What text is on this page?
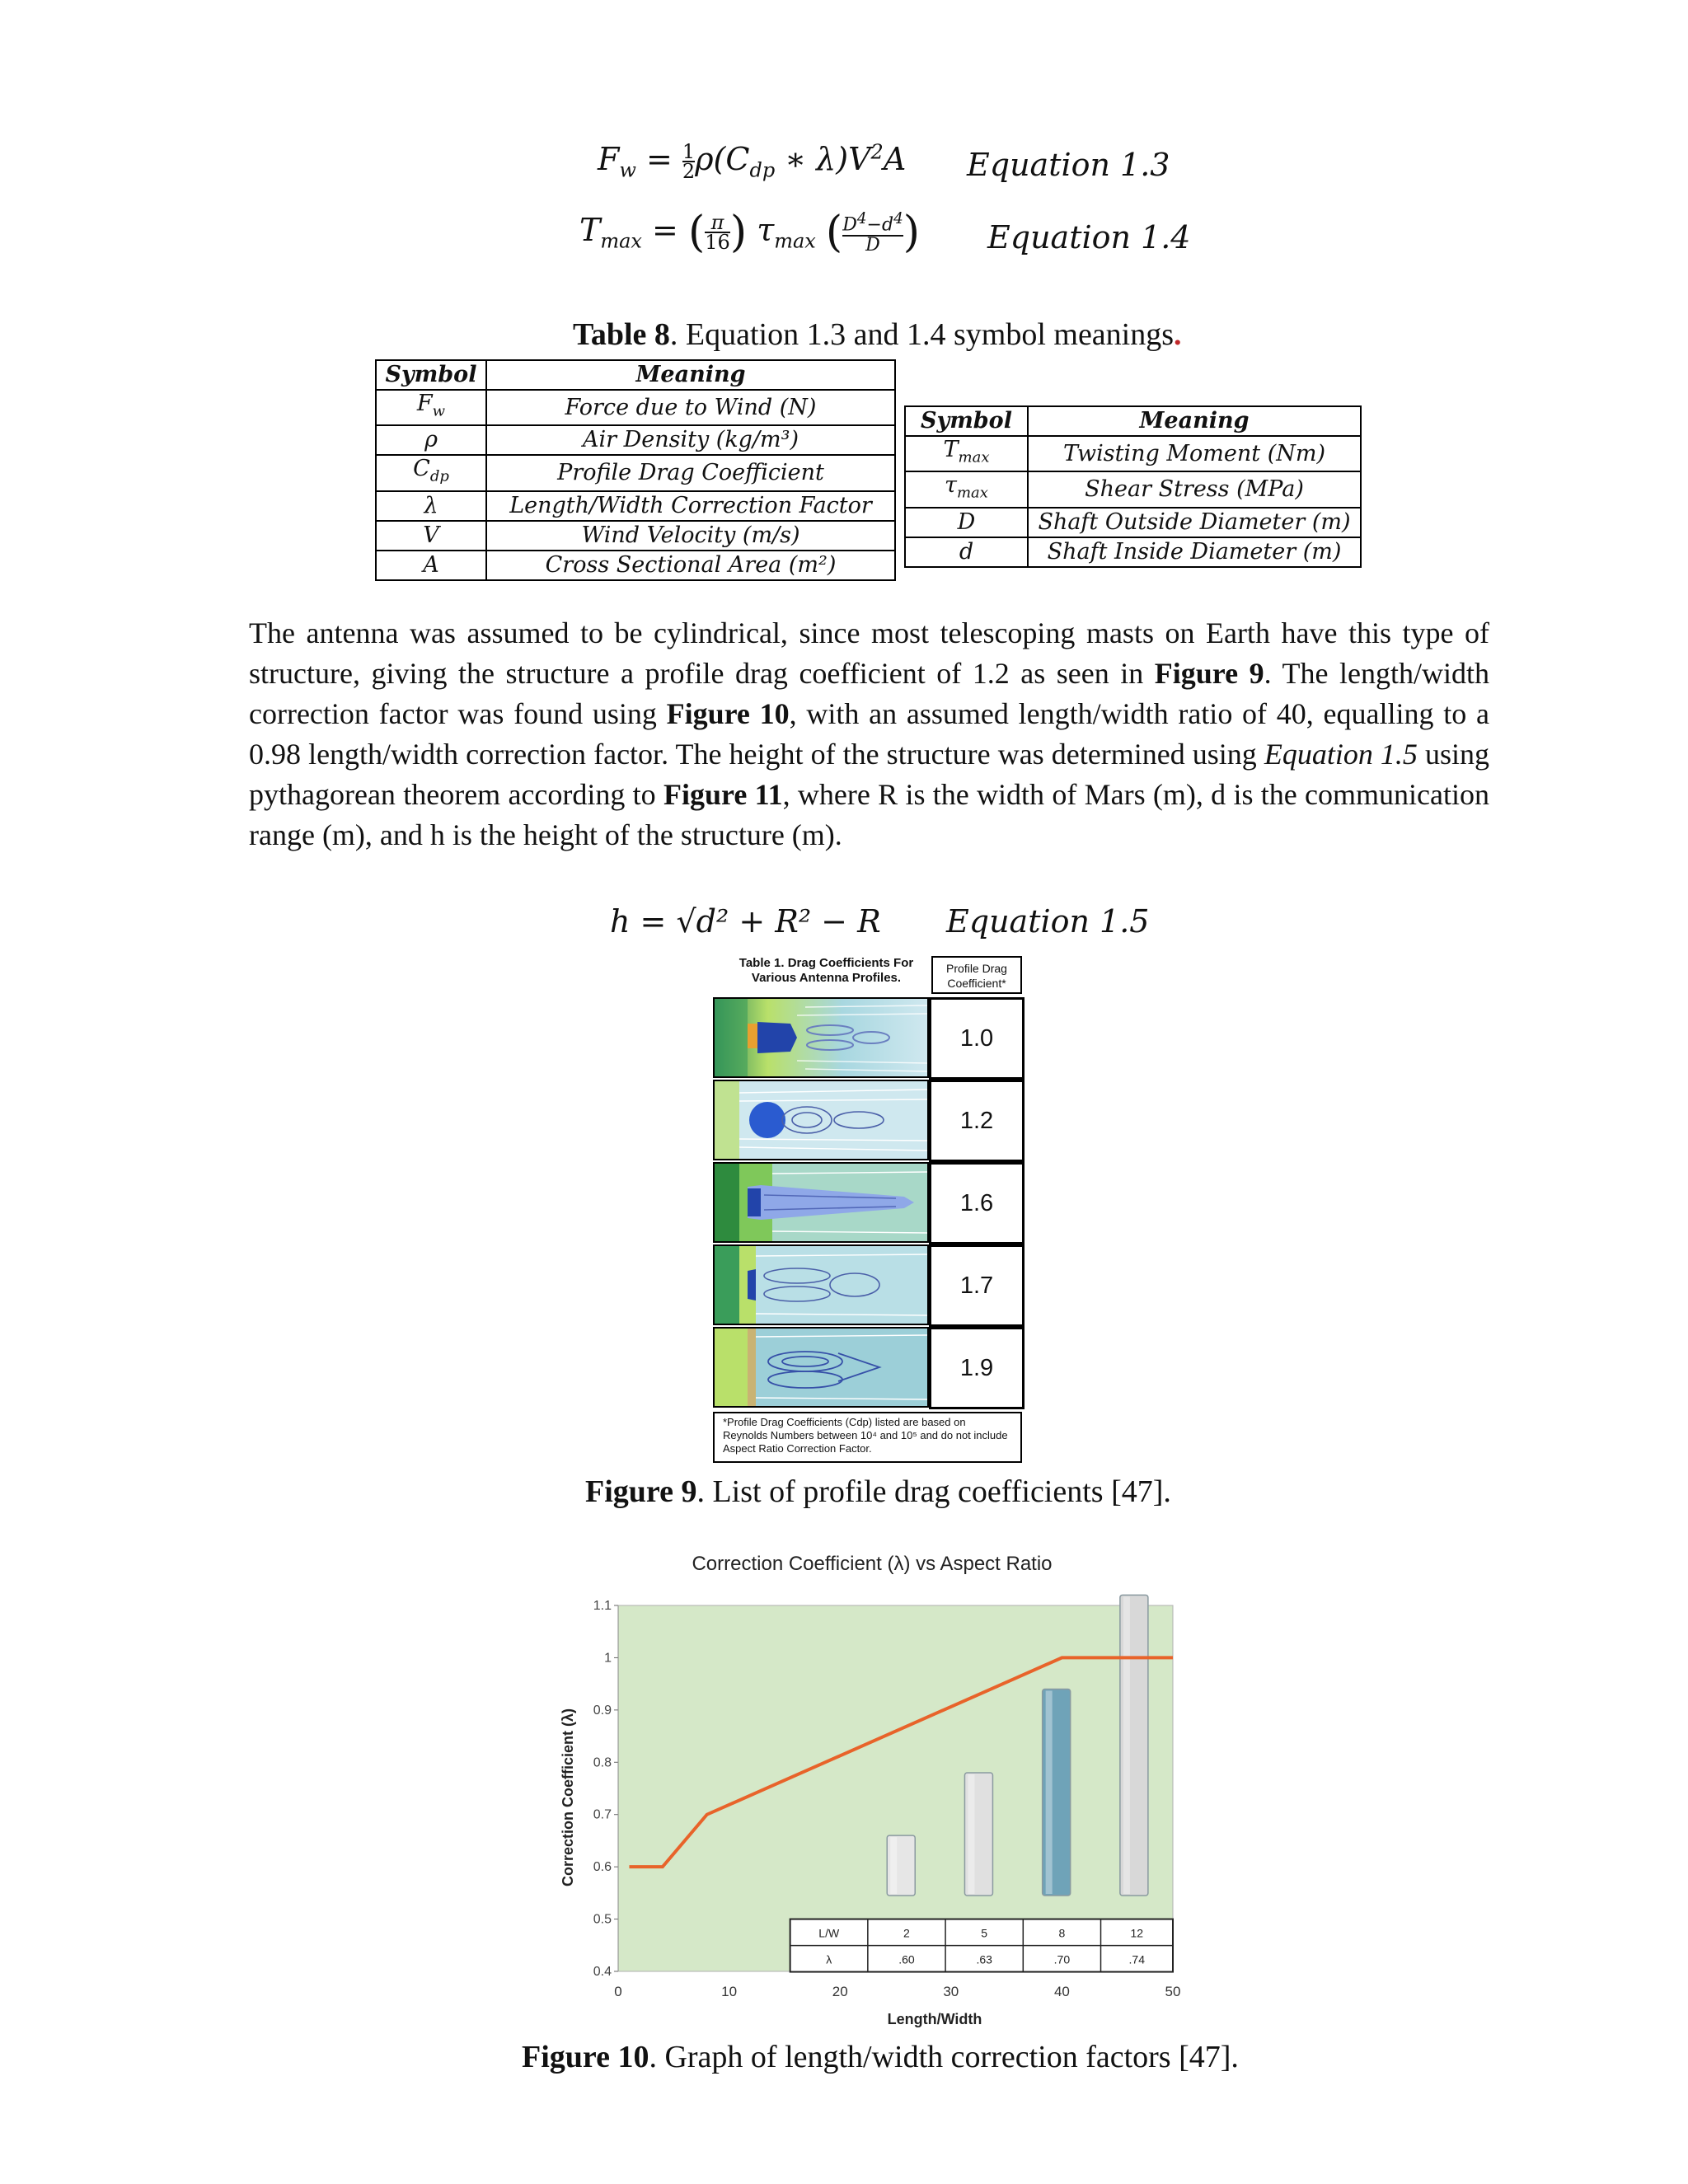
$F_w = \frac{1}{2} \rho(C_{dp}$ ∗ $\lambda)V^2A$ Equation 1.3
$T_{max}$ = ( $\frac{\pi}{16}$ ) $\tau_{max}$ ( $\frac{D^4-d^4}{D}$ ) Equation 1.4
Table 8. Equation 1.3 and 1.4 symbol meanings.
Symbol	Meaning
$F_w$	Force due to Wind (N)
ρ	Air Density (kg/m³)
$C_{dp}$	Profile Drag Coefficient
λ	Length/Width Correction Factor
V	Wind Velocity (m/s)
A	Cross Sectional Area (m²)
Symbol	Meaning
$T_{max}$	Twisting Moment (Nm)
$\tau_{max}$	Shear Stress (MPa)
D	Shaft Outside Diameter (m)
d	Shaft Inside Diameter (m)
The antenna was assumed to be cylindrical, since most telescoping masts on Earth have this type of structure, giving the structure a profile drag coefficient of 1.2 as seen in Figure 9. The length/width correction factor was found using Figure 10, with an assumed length/width ratio of 40, equalling to a 0.98 length/width correction factor. The height of the structure was determined using Equation 1.5 using pythagorean theorem according to Figure 11, where R is the width of Mars (m), d is the communication range (m), and h is the height of the structure (m).
h = √d² + R² − R Equation 1.5
Table 1. Drag Coefficients For Various Antenna Profiles.
Profile Drag Coefficient*
1.0
1.2
1.6
1.7
1.9
*Profile Drag Coefficients (Cdp) listed are based on Reynolds Numbers between 10⁴ and 10⁵ and do not include Aspect Ratio Correction Factor.
Figure 9. List of profile drag coefficients [47].
Correction Coefficient (λ) vs Aspect Ratio
Correction Coefficient (λ)
Length/Width
0.4
0.5
0.6
0.7
0.8
0.9
1
1.1
0	10	20	30	40	50
L/W	2	5	8	12
λ	.60	.63	.70	.74
Figure 10. Graph of length/width correction factors [47].
